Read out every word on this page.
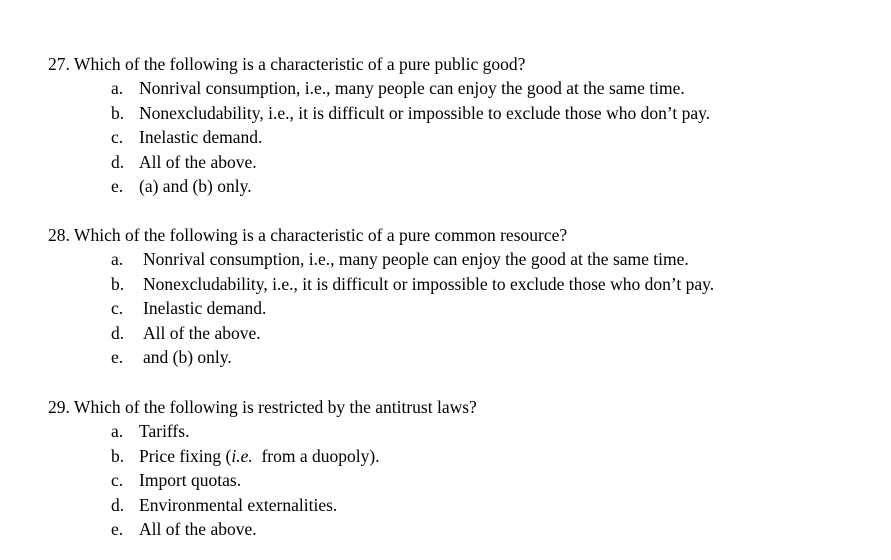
27. Which of the following is a characteristic of a pure public good?
a. Nonrival consumption, i.e., many people can enjoy the good at the same time.
b. Nonexcludability, i.e., it is difficult or impossible to exclude those who don’t pay.
c. Inelastic demand.
d. All of the above.
e. (a) and (b) only.
28. Which of the following is a characteristic of a pure common resource?
a. Nonrival consumption, i.e., many people can enjoy the good at the same time.
b. Nonexcludability, i.e., it is difficult or impossible to exclude those who don’t pay.
c. Inelastic demand.
d. All of the above.
e. and (b) only.
29. Which of the following is restricted by the antitrust laws?
a. Tariffs.
b. Price fixing (i.e.  from a duopoly).
c. Import quotas.
d. Environmental externalities.
e. All of the above.
